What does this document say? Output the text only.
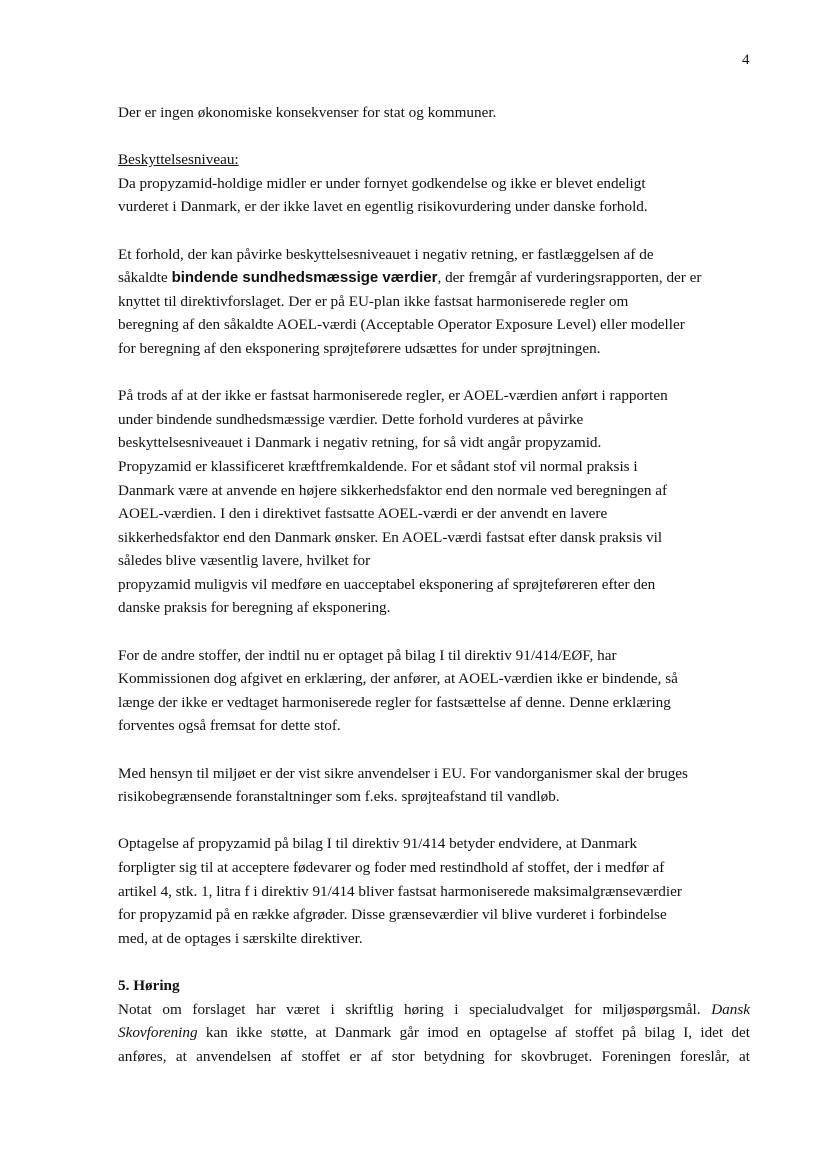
4

Der er ingen økonomiske konsekvenser for stat og kommuner.

Beskyttelsesniveau:
Da propyzamid-holdige midler er under fornyet godkendelse og ikke er blevet endeligt
vurderet i Danmark, er der ikke lavet en egentlig risikovurdering under danske forhold.

Et forhold, der kan påvirke beskyttelsesniveauet i negativ retning, er fastlæggelsen af de
såkaldte bindende sundhedsmæssige værdier, der fremgår af vurderingsrapporten, der er
knyttet til direktivforslaget. Der er på EU-plan ikke fastsat harmoniserede regler om
beregning af den såkaldte AOEL-værdi (Acceptable Operator Exposure Level) eller modeller
for beregning af den eksponering sprøjteførere udsættes for under sprøjtningen.

På trods af at der ikke er fastsat harmoniserede regler, er AOEL-værdien anført i rapporten
under bindende sundhedsmæssige værdier. Dette forhold vurderes at påvirke
beskyttelsesniveauet i Danmark i negativ retning, for så vidt angår propyzamid.
Propyzamid er klassificeret kræftfremkaldende. For et sådant stof vil normal praksis i
Danmark være at anvende en højere sikkerhedsfaktor end den normale ved beregningen af
AOEL-værdien. I den i direktivet fastsatte AOEL-værdi er der anvendt en lavere
sikkerhedsfaktor end den Danmark ønsker. En AOEL-værdi fastsat efter dansk praksis vil
således blive væsentlig lavere, hvilket for
propyzamid muligvis vil medføre en uacceptabel eksponering af sprøjteføreren efter den
danske praksis for beregning af eksponering.

For de andre stoffer, der indtil nu er optaget på bilag I til direktiv 91/414/EØF, har
Kommissionen dog afgivet en erklæring, der anfører, at AOEL-værdien ikke er bindende, så
længe der ikke er vedtaget harmoniserede regler for fastsættelse af denne. Denne erklæring
forventes også fremsat for dette stof.

Med hensyn til miljøet er der vist sikre anvendelser i EU. For vandorganismer skal der bruges
risikobegrænsende foranstaltninger som f.eks. sprøjteafstand til vandløb.

Optagelse af propyzamid på bilag I til direktiv 91/414 betyder endvidere, at Danmark
forpligter sig til at acceptere fødevarer og foder med restindhold af stoffet, der i medfør af
artikel 4, stk. 1, litra f i direktiv 91/414 bliver fastsat harmoniserede maksimalgrænseværdier
for propyzamid på en række afgrøder. Disse grænseværdier vil blive vurderet i forbindelse
med, at de optages i særskilte direktiver.

5. Høring

Notat om forslaget har været i skriftlig høring i specialudvalget for miljøspørgsmål. Dansk
Skovforening kan ikke støtte, at Danmark går imod en optagelse af stoffet på bilag I, idet det
anføres, at anvendelsen af stoffet er af stor betydning for skovbruget. Foreningen foreslår, at
